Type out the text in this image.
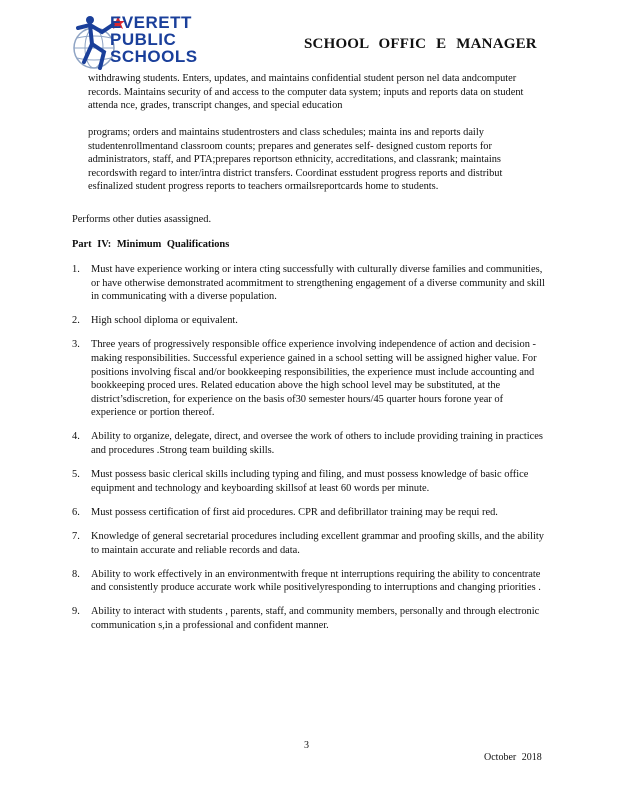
EVERETT
PUBLIC
SCHOOLS
SCHOOL OFFIC E MANAGER

withdrawing students. Enters, updates, and maintains confidential student person nel data andcomputer records. Maintains security of and access to the computer data system; inputs and reports data on student attenda nce, grades, transcript changes, and special education

programs; orders and maintains studentrosters and class schedules; mainta ins and reports daily studentenrollmentand classroom counts; prepares and generates self- designed custom reports for administrators, staff, and PTA;prepares reportson ethnicity, accreditations, and classrank; maintains recordswith regard to inter/intra district transfers. Coordinat esstudent progress reports and distribut esfinalized student progress reports to teachers ormailsreportcards home to students.

Performs other duties asassigned.
Part IV: Minimum Qualifications
1. Must have experience working or intera cting successfully with culturally diverse families and communities, or have otherwise demonstrated acommitment to strengthening engagement of a diverse community and skill in communicating with a diverse population.
2. High school diploma or equivalent.
3. Three years of progressively responsible office experience involving independence of action and decision -making responsibilities. Successful experience gained in a school setting will be assigned higher value. For positions involving fiscal and/or bookkeeping responsibilities, the experience must include accounting and bookkeeping proced ures. Related education above the high school level may be substituted, at the district’sdiscretion, for experience on the basis of30 semester hours/45 quarter hours forone year of experience or portion thereof.
4. Ability to organize, delegate, direct, and oversee the work of others to include providing training in practices and procedures .Strong team building skills.
5. Must possess basic clerical skills including typing and filing, and must possess knowledge of basic office equipment and technology and keyboarding skillsof at least 60 words per minute.
6. Must possess certification of first aid procedures. CPR and defibrillator training may be requi red.
7. Knowledge of general secretarial procedures including excellent grammar and proofing skills, and the ability to maintain accurate and reliable records and data.
8. Ability to work effectively in an environmentwith freque nt interruptions requiring the ability to concentrate and consistently produce accurate work while positivelyresponding to interruptions and changing priorities .
9. Ability to interact with students , parents, staff, and community members, personally and through electronic communication s,in a professional and confident manner.
3
October 2018
